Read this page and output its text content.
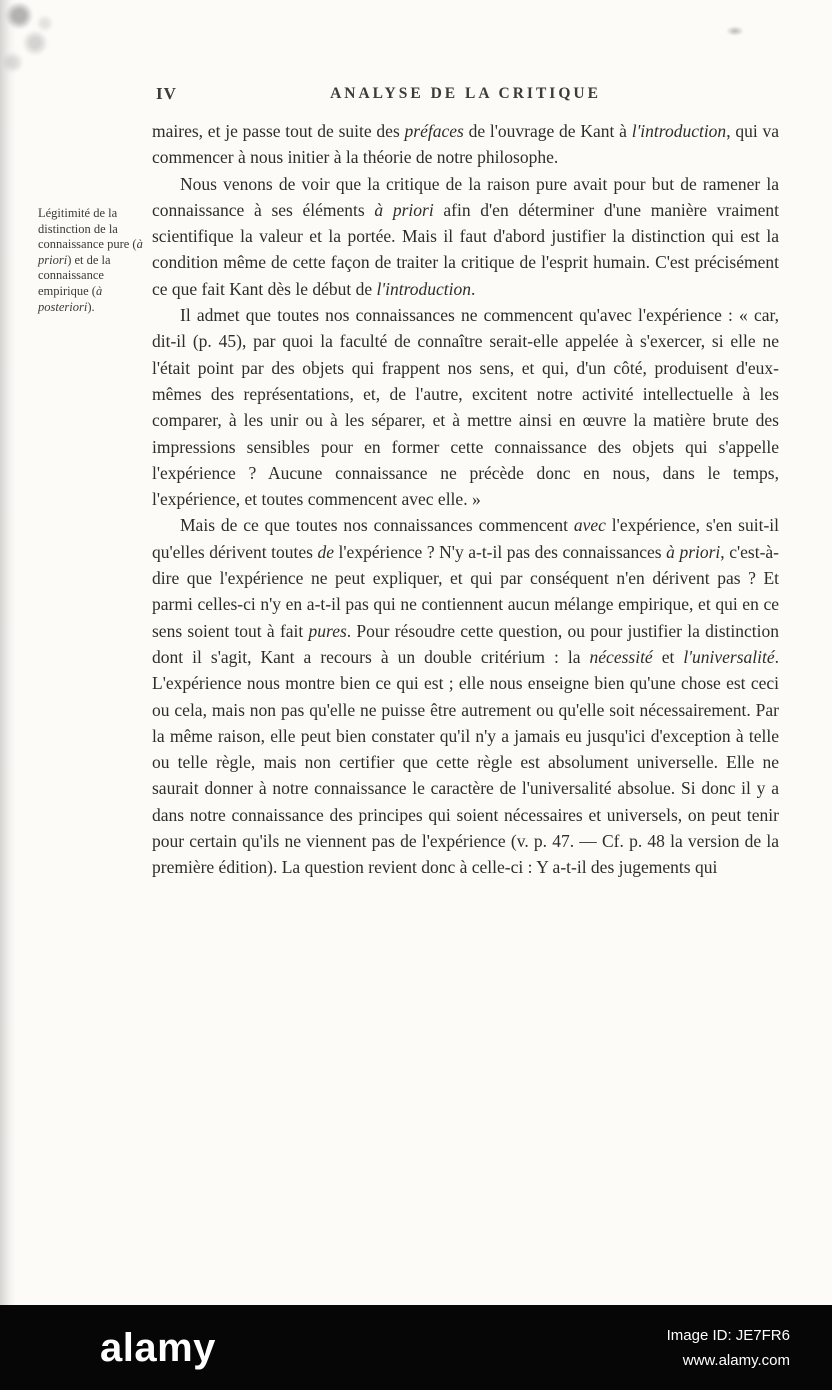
IV	ANALYSE DE LA CRITIQUE

Légitimité de la distinction de la connaissance pure (à priori) et de la connaissance empirique (à posteriori).

maires, et je passe tout de suite des préfaces de l'ouvrage de Kant à l'introduction, qui va commencer à nous initier à la théorie de notre philosophe.

Nous venons de voir que la critique de la raison pure avait pour but de ramener la connaissance à ses éléments à priori afin d'en déterminer d'une manière vraiment scientifique la valeur et la portée. Mais il faut d'abord justifier la distinction qui est la condition même de cette façon de traiter la critique de l'esprit humain. C'est précisément ce que fait Kant dès le début de l'introduction.

Il admet que toutes nos connaissances ne commencent qu'avec l'expérience : « car, dit-il (p. 45), par quoi la faculté de connaître serait-elle appelée à s'exercer, si elle ne l'était point par des objets qui frappent nos sens, et qui, d'un côté, produisent d'eux-mêmes des représentations, et, de l'autre, excitent notre activité intellectuelle à les comparer, à les unir ou à les séparer, et à mettre ainsi en œuvre la matière brute des impressions sensibles pour en former cette connaissance des objets qui s'appelle l'expérience ? Aucune connaissance ne précède donc en nous, dans le temps, l'expérience, et toutes commencent avec elle. »

Mais de ce que toutes nos connaissances commencent avec l'expérience, s'en suit-il qu'elles dérivent toutes de l'expérience ? N'y a-t-il pas des connaissances à priori, c'est-à-dire que l'expérience ne peut expliquer, et qui par conséquent n'en dérivent pas ? Et parmi celles-ci n'y en a-t-il pas qui ne contiennent aucun mélange empirique, et qui en ce sens soient tout à fait pures. Pour résoudre cette question, ou pour justifier la distinction dont il s'agit, Kant a recours à un double critérium : la nécessité et l'universalité. L'expérience nous montre bien ce qui est ; elle nous enseigne bien qu'une chose est ceci ou cela, mais non pas qu'elle ne puisse être autrement ou qu'elle soit nécessairement. Par la même raison, elle peut bien constater qu'il n'y a jamais eu jusqu'ici d'exception à telle ou telle règle, mais non certifier que cette règle est absolument universelle. Elle ne saurait donner à notre connaissance le caractère de l'universalité absolue. Si donc il y a dans notre connaissance des principes qui soient nécessaires et universels, on peut tenir pour certain qu'ils ne viennent pas de l'expérience (v. p. 47. — Cf. p. 48 la version de la première édition). La question revient donc à celle-ci : Y a-t-il des jugements qui

alamy	Image ID: JE7FR6
www.alamy.com
